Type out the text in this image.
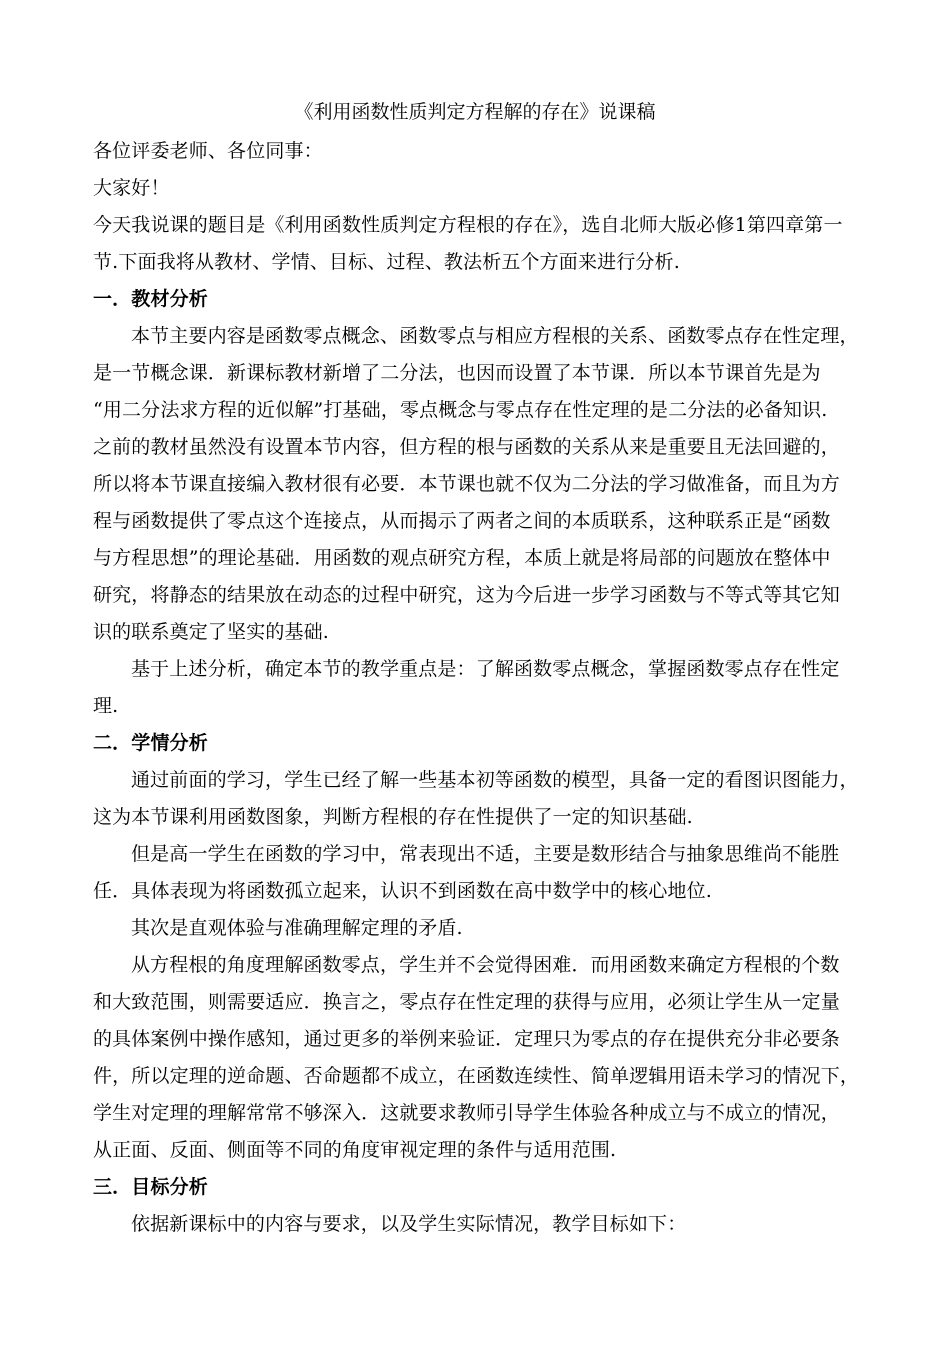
《利用函数性质判定方程解的存在》说课稿
各位评委老师、各位同事：
大家好！
今天我说课的题目是《利用函数性质判定方程根的存在》，选自北师大版必修1第四章第一
节.下面我将从教材、学情、目标、过程、教法析五个方面来进行分析.
一．教材分析
本节主要内容是函数零点概念、函数零点与相应方程根的关系、函数零点存在性定理，
是一节概念课．新课标教材新增了二分法，也因而设置了本节课．所以本节课首先是为
“用二分法求方程的近似解”打基础，零点概念与零点存在性定理的是二分法的必备知识.
之前的教材虽然没有设置本节内容，但方程的根与函数的关系从来是重要且无法回避的，
所以将本节课直接编入教材很有必要．本节课也就不仅为二分法的学习做准备，而且为方
程与函数提供了零点这个连接点，从而揭示了两者之间的本质联系，这种联系正是“函数
与方程思想”的理论基础．用函数的观点研究方程，本质上就是将局部的问题放在整体中
研究，将静态的结果放在动态的过程中研究，这为今后进一步学习函数与不等式等其它知
识的联系奠定了坚实的基础.
基于上述分析，确定本节的教学重点是：了解函数零点概念，掌握函数零点存在性定
理.
二．学情分析
通过前面的学习，学生已经了解一些基本初等函数的模型，具备一定的看图识图能力，
这为本节课利用函数图象，判断方程根的存在性提供了一定的知识基础.
但是高一学生在函数的学习中，常表现出不适，主要是数形结合与抽象思维尚不能胜
任．具体表现为将函数孤立起来，认识不到函数在高中数学中的核心地位.
其次是直观体验与准确理解定理的矛盾.
从方程根的角度理解函数零点，学生并不会觉得困难．而用函数来确定方程根的个数
和大致范围，则需要适应．换言之，零点存在性定理的获得与应用，必须让学生从一定量
的具体案例中操作感知，通过更多的举例来验证．定理只为零点的存在提供充分非必要条
件，所以定理的逆命题、否命题都不成立，在函数连续性、简单逻辑用语未学习的情况下，
学生对定理的理解常常不够深入．这就要求教师引导学生体验各种成立与不成立的情况，
从正面、反面、侧面等不同的角度审视定理的条件与适用范围.
三．目标分析
依据新课标中的内容与要求，以及学生实际情况，教学目标如下：
